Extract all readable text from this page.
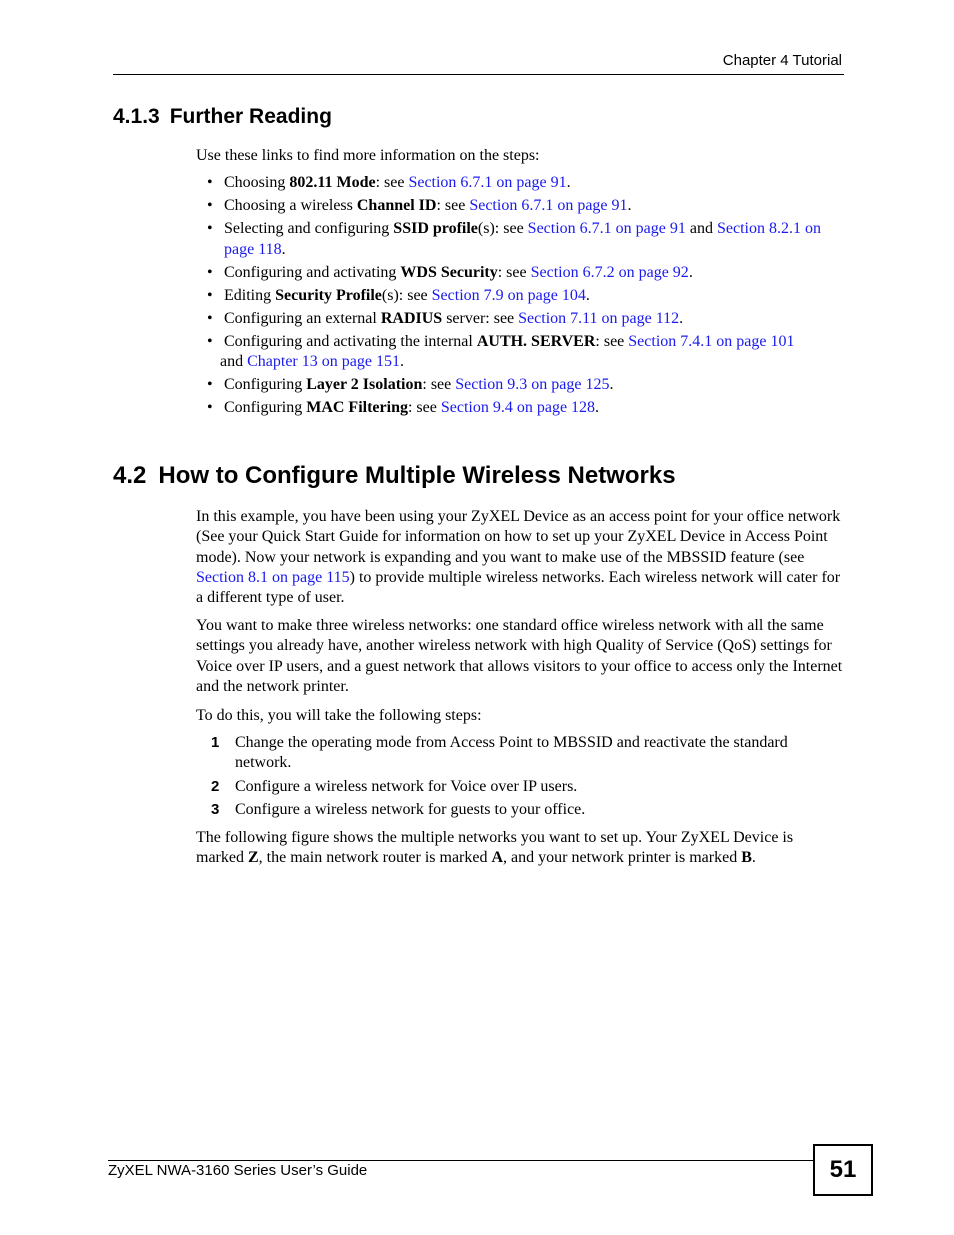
Chapter 4 Tutorial
4.1.3 Further Reading

Use these links to find more information on the steps:

• Choosing 802.11 Mode: see Section 6.7.1 on page 91.
• Choosing a wireless Channel ID: see Section 6.7.1 on page 91.
• Selecting and configuring SSID profile(s): see Section 6.7.1 on page 91 and Section 8.2.1 on page 118.
• Configuring and activating WDS Security: see Section 6.7.2 on page 92.
• Editing Security Profile(s): see Section 7.9 on page 104.
• Configuring an external RADIUS server: see Section 7.11 on page 112.
• Configuring and activating the internal AUTH. SERVER: see Section 7.4.1 on page 101
and Chapter 13 on page 151.
• Configuring Layer 2 Isolation: see Section 9.3 on page 125.
• Configuring MAC Filtering: see Section 9.4 on page 128.
4.2 How to Configure Multiple Wireless Networks

In this example, you have been using your ZyXEL Device as an access point for your office network (See your Quick Start Guide for information on how to set up your ZyXEL Device in Access Point mode). Now your network is expanding and you want to make use of the MBSSID feature (see Section 8.1 on page 115) to provide multiple wireless networks. Each wireless network will cater for a different type of user.

You want to make three wireless networks: one standard office wireless network with all the same settings you already have, another wireless network with high Quality of Service (QoS) settings for Voice over IP users, and a guest network that allows visitors to your office to access only the Internet and the network printer.

To do this, you will take the following steps:

1 Change the operating mode from Access Point to MBSSID and reactivate the standard network.
2 Configure a wireless network for Voice over IP users.
3 Configure a wireless network for guests to your office.

The following figure shows the multiple networks you want to set up. Your ZyXEL Device is marked Z, the main network router is marked A, and your network printer is marked B.

ZyXEL NWA-3160 Series User’s Guide	51
